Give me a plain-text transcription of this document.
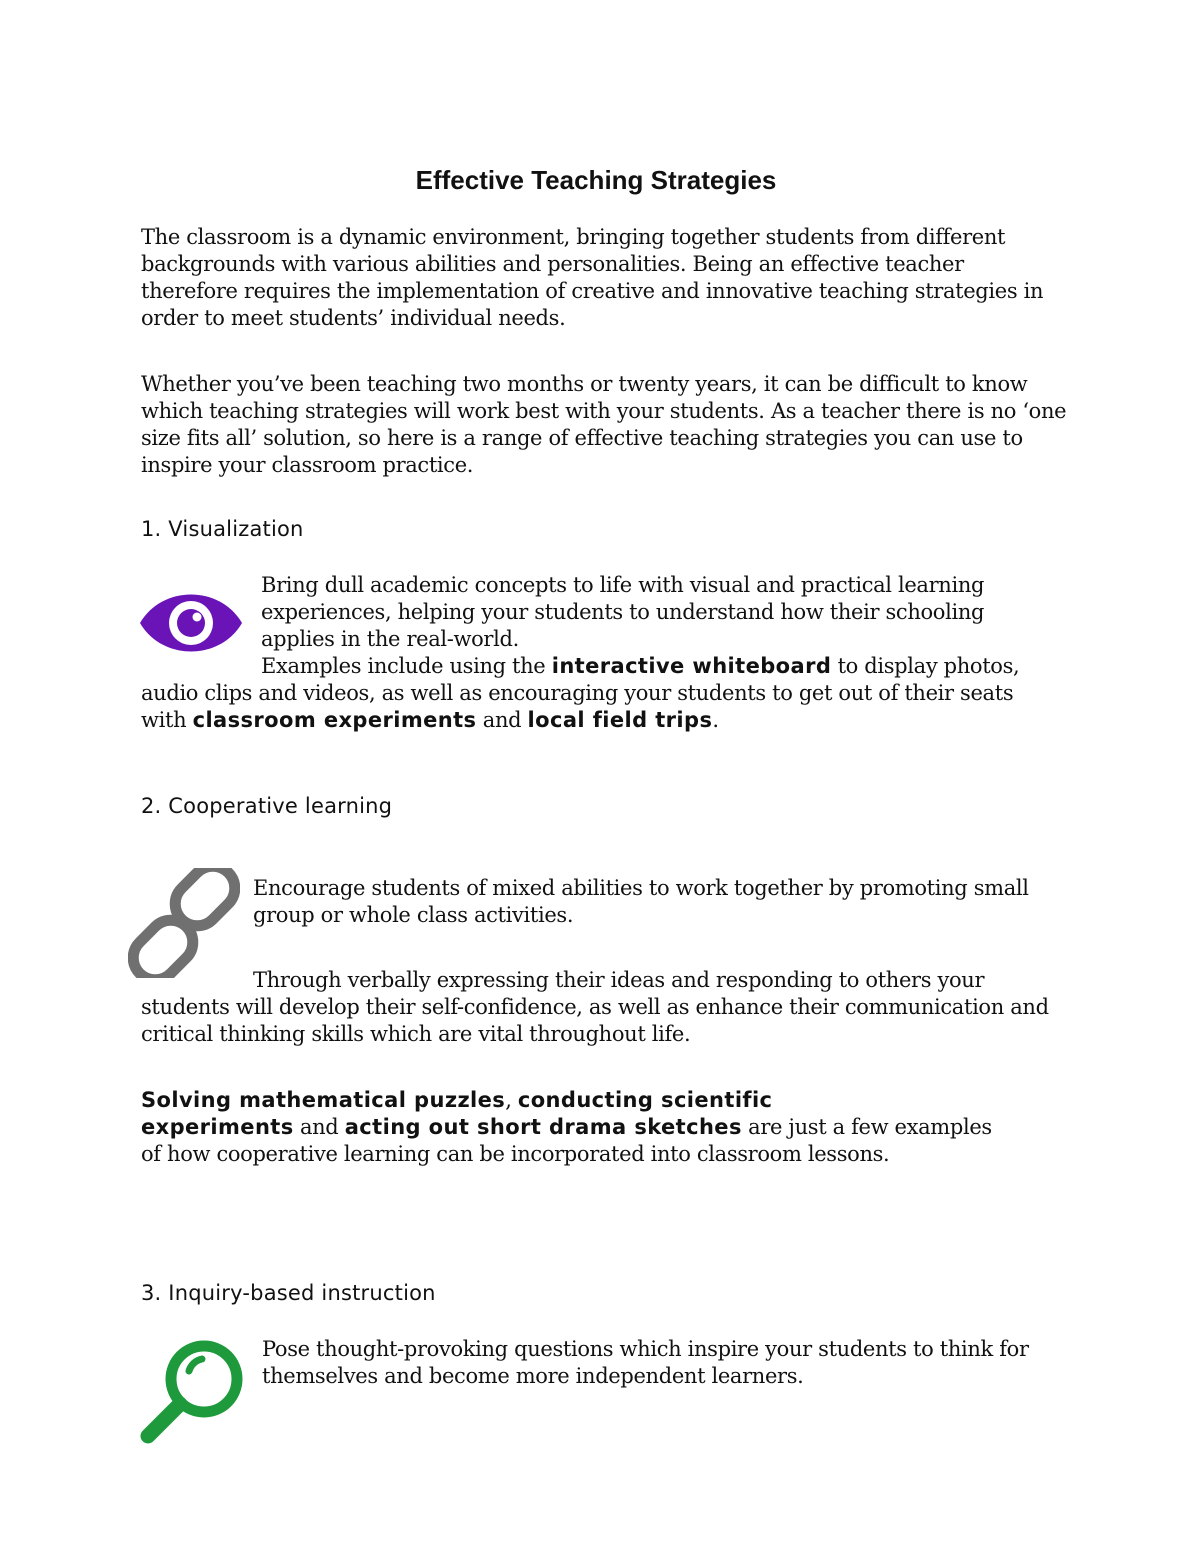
Effective Teaching Strategies
The classroom is a dynamic environment, bringing together students from different
backgrounds with various abilities and personalities. Being an effective teacher
therefore requires the implementation of creative and innovative teaching strategies in
order to meet students’ individual needs.
Whether you’ve been teaching two months or twenty years, it can be difficult to know
which teaching strategies will work best with your students. As a teacher there is no ‘one
size fits all’ solution, so here is a range of effective teaching strategies you can use to
inspire your classroom practice.
1. Visualization
Bring dull academic concepts to life with visual and practical learning
experiences, helping your students to understand how their schooling
applies in the real-world.
Examples include using the interactive whiteboard to display photos,
audio clips and videos, as well as encouraging your students to get out of their seats
with classroom experiments and local field trips.
2. Cooperative learning
Encourage students of mixed abilities to work together by promoting small
group or whole class activities.
Through verbally expressing their ideas and responding to others your
students will develop their self-confidence, as well as enhance their communication and
critical thinking skills which are vital throughout life.
Solving mathematical puzzles, conducting scientific
experiments and acting out short drama sketches are just a few examples
of how cooperative learning can be incorporated into classroom lessons.
3. Inquiry-based instruction
Pose thought-provoking questions which inspire your students to think for
themselves and become more independent learners.
